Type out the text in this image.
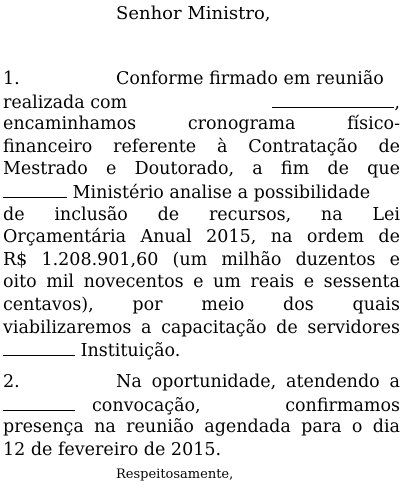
Senhor Ministro,
1.	Conforme firmado em reunião
realizada com	,
encaminhamos cronograma físico-
financeiro referente à Contratação de
Mestrado e Doutorado, a fim de que
Ministério analise a possibilidade
de inclusão de recursos, na Lei
Orçamentária Anual 2015, na ordem de
R$ 1.208.901,60 (um milhão duzentos e
oito mil novecentos e um reais e sessenta
centavos), por meio dos quais
viabilizaremos a capacitação de servidores
Instituição.
2.	Na oportunidade, atendendo a
convocação, confirmamos
presença na reunião agendada para o dia
12 de fevereiro de 2015.
Respeitosamente,
